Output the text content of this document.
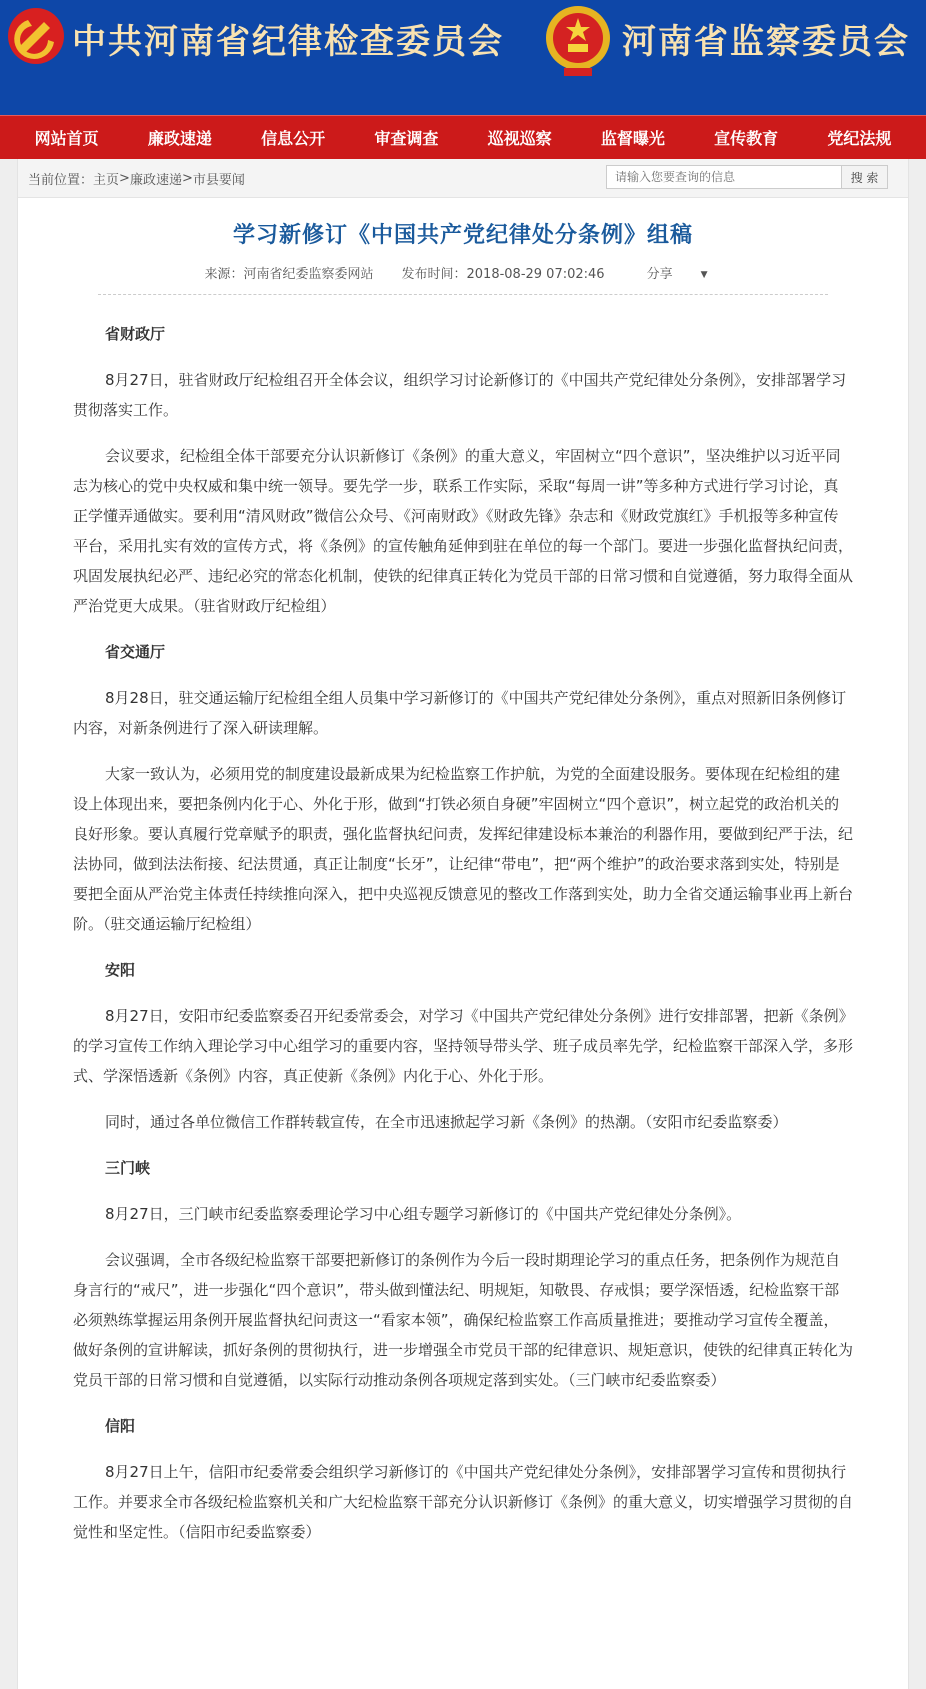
中共河南省纪律检查委员会	河南省监察委员会
网站首页	廉政速递	信息公开	审查调查	巡视巡察	监督曝光	宣传教育	党纪法规
当前位置： 主页 > 廉政速递 > 市县要闻
请输入您要查询的信息	搜 索
学习新修订《中国共产党纪律处分条例》组稿
来源：河南省纪委监察委网站 发布时间：2018-08-29 07:02:46	分享	▼
省财政厅

8月27日，驻省财政厅纪检组召开全体会议，组织学习讨论新修订的《中国共产党纪律处分条例》，安排部署学习贯彻落实工作。

会议要求，纪检组全体干部要充分认识新修订《条例》的重大意义，牢固树立“四个意识”，坚决维护以习近平同志为核心的党中央权威和集中统一领导。要先学一步，联系工作实际，采取“每周一讲”等多种方式进行学习讨论，真正学懂弄通做实。要利用“清风财政”微信公众号、《河南财政》《财政先锋》杂志和《财政党旗红》手机报等多种宣传平台，采用扎实有效的宣传方式，将《条例》的宣传触角延伸到驻在单位的每一个部门。要进一步强化监督执纪问责，巩固发展执纪必严、违纪必究的常态化机制，使铁的纪律真正转化为党员干部的日常习惯和自觉遵循，努力取得全面从严治党更大成果。（驻省财政厅纪检组）

省交通厅

8月28日，驻交通运输厅纪检组全组人员集中学习新修订的《中国共产党纪律处分条例》，重点对照新旧条例修订内容，对新条例进行了深入研读理解。

大家一致认为，必须用党的制度建设最新成果为纪检监察工作护航，为党的全面建设服务。要体现在纪检组的建设上体现出来，要把条例内化于心、外化于形，做到“打铁必须自身硬”牢固树立“四个意识”，树立起党的政治机关的良好形象。要认真履行党章赋予的职责，强化监督执纪问责，发挥纪律建设标本兼治的利器作用，要做到纪严于法，纪法协同，做到法法衔接、纪法贯通，真正让制度“长牙”，让纪律“带电”，把“两个维护”的政治要求落到实处，特别是要把全面从严治党主体责任持续推向深入，把中央巡视反馈意见的整改工作落到实处，助力全省交通运输事业再上新台阶。（驻交通运输厅纪检组）

安阳

8月27日，安阳市纪委监察委召开纪委常委会，对学习《中国共产党纪律处分条例》进行安排部署，把新《条例》的学习宣传工作纳入理论学习中心组学习的重要内容，坚持领导带头学、班子成员率先学，纪检监察干部深入学，多形式、学深悟透新《条例》内容，真正使新《条例》内化于心、外化于形。

同时，通过各单位微信工作群转载宣传，在全市迅速掀起学习新《条例》的热潮。（安阳市纪委监察委）

三门峡

8月27日，三门峡市纪委监察委理论学习中心组专题学习新修订的《中国共产党纪律处分条例》。

会议强调，全市各级纪检监察干部要把新修订的条例作为今后一段时期理论学习的重点任务，把条例作为规范自身言行的“戒尺”，进一步强化“四个意识”，带头做到懂法纪、明规矩，知敬畏、存戒惧；要学深悟透，纪检监察干部必须熟练掌握运用条例开展监督执纪问责这一“看家本领”，确保纪检监察工作高质量推进；要推动学习宣传全覆盖，做好条例的宣讲解读，抓好条例的贯彻执行，进一步增强全市党员干部的纪律意识、规矩意识，使铁的纪律真正转化为党员干部的日常习惯和自觉遵循，以实际行动推动条例各项规定落到实处。（三门峡市纪委监察委）

信阳

8月27日上午，信阳市纪委常委会组织学习新修订的《中国共产党纪律处分条例》，安排部署学习宣传和贯彻执行工作。并要求全市各级纪检监察机关和广大纪检监察干部充分认识新修订《条例》的重大意义，切实增强学习贯彻的自觉性和坚定性。（信阳市纪委监察委）
